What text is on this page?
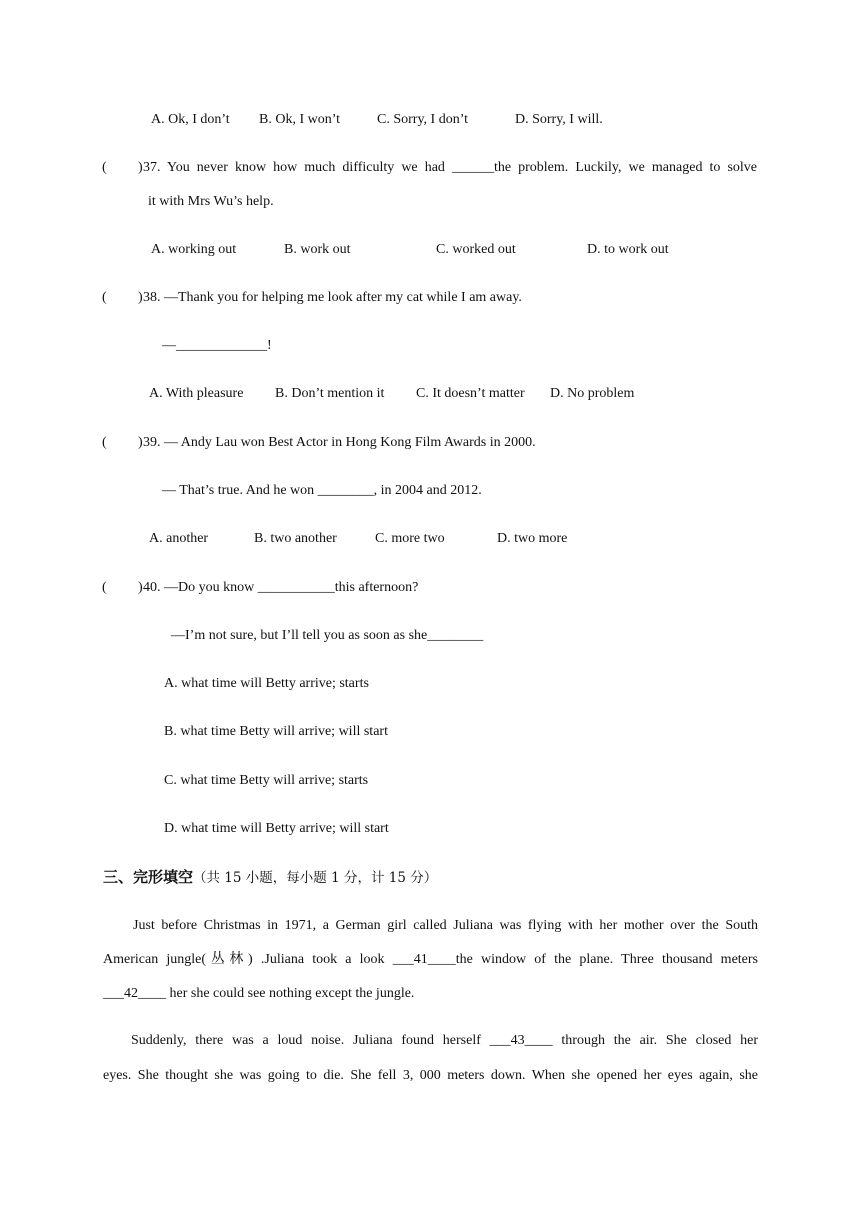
A. Ok, I don’t B. Ok, I won’t	C. Sorry, I don’t	D. Sorry, I will.
( ) 37. You never know how much difficulty we had ______the problem. Luckily, we managed to solve
it with Mrs Wu’s help.
A. working out	B. work out	C. worked out	D. to work out
( ) 38. —Thank you for helping me look after my cat while I am away.
—_____________!
A. With pleasure B. Don’t mention it C. It doesn’t matter D. No problem
( ) 39. — Andy Lau won Best Actor in Hong Kong Film Awards in 2000.
— That’s true. And he won ________, in 2004 and 2012.
A. another	B. two another	C. more two	D. two more
( ) 40. —Do you know ___________this afternoon?
—I’m not sure, but I’ll tell you as soon as she________
A. what time will Betty arrive; starts
B. what time Betty will arrive; will start
C. what time Betty will arrive; starts
D. what time will Betty arrive; will start
三、完形填空（共 15 小题，每小题 1 分，计 15 分）
Just before Christmas in 1971, a German girl called Juliana was flying with her mother over the South
American jungle(丛林) .Juliana took a look ___41____the window of the plane. Three thousand meters
___42____ her she could see nothing except the jungle.
Suddenly, there was a loud noise. Juliana found herself ___43____ through the air. She closed her
eyes. She thought she was going to die. She fell 3, 000 meters down. When she opened her eyes again, she
